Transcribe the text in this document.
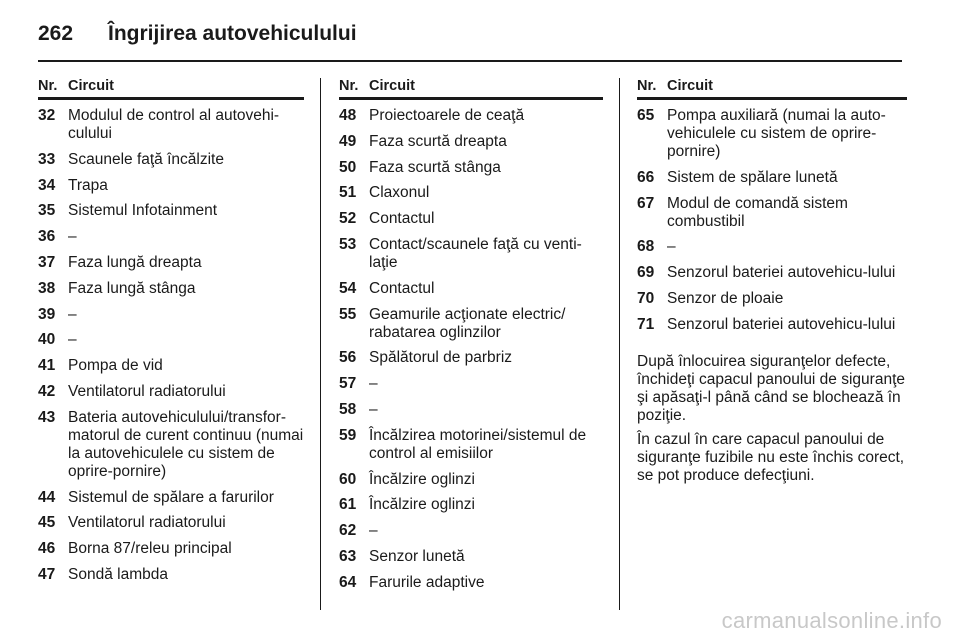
262	Îngrijirea autovehiculului
Nr. Circuit
32 Modulul de control al autovehi-culului
33 Scaunele faţă încălzite
34 Trapa
35 Sistemul Infotainment
36 –
37 Faza lungă dreapta
38 Faza lungă stânga
39 –
40 –
41 Pompa de vid
42 Ventilatorul radiatorului
43 Bateria autovehiculului/transfor-matorul de curent continuu (numai la autovehiculele cu sistem de oprire-pornire)
44 Sistemul de spălare a farurilor
45 Ventilatorul radiatorului
46 Borna 87/releu principal
47 Sondă lambda
Nr. Circuit
48 Proiectoarele de ceaţă
49 Faza scurtă dreapta
50 Faza scurtă stânga
51 Claxonul
52 Contactul
53 Contact/scaunele faţă cu venti-laţie
54 Contactul
55 Geamurile acţionate electric/ rabatarea oglinzilor
56 Spălătorul de parbriz
57 –
58 –
59 Încălzirea motorinei/sistemul de control al emisiilor
60 Încălzire oglinzi
61 Încălzire oglinzi
62 –
63 Senzor lunetă
64 Farurile adaptive
Nr. Circuit
65 Pompa auxiliară (numai la auto-vehiculele cu sistem de oprire-pornire)
66 Sistem de spălare lunetă
67 Modul de comandă sistem combustibil
68 –
69 Senzorul bateriei autovehicu-lului
70 Senzor de ploaie
71 Senzorul bateriei autovehicu-lului

După înlocuirea siguranţelor defecte, închideţi capacul panoului de siguranţe şi apăsaţi-l până când se blochează în poziţie.

În cazul în care capacul panoului de siguranţe fuzibile nu este închis corect, se pot produce defecţiuni.

carmanualsonline.info
